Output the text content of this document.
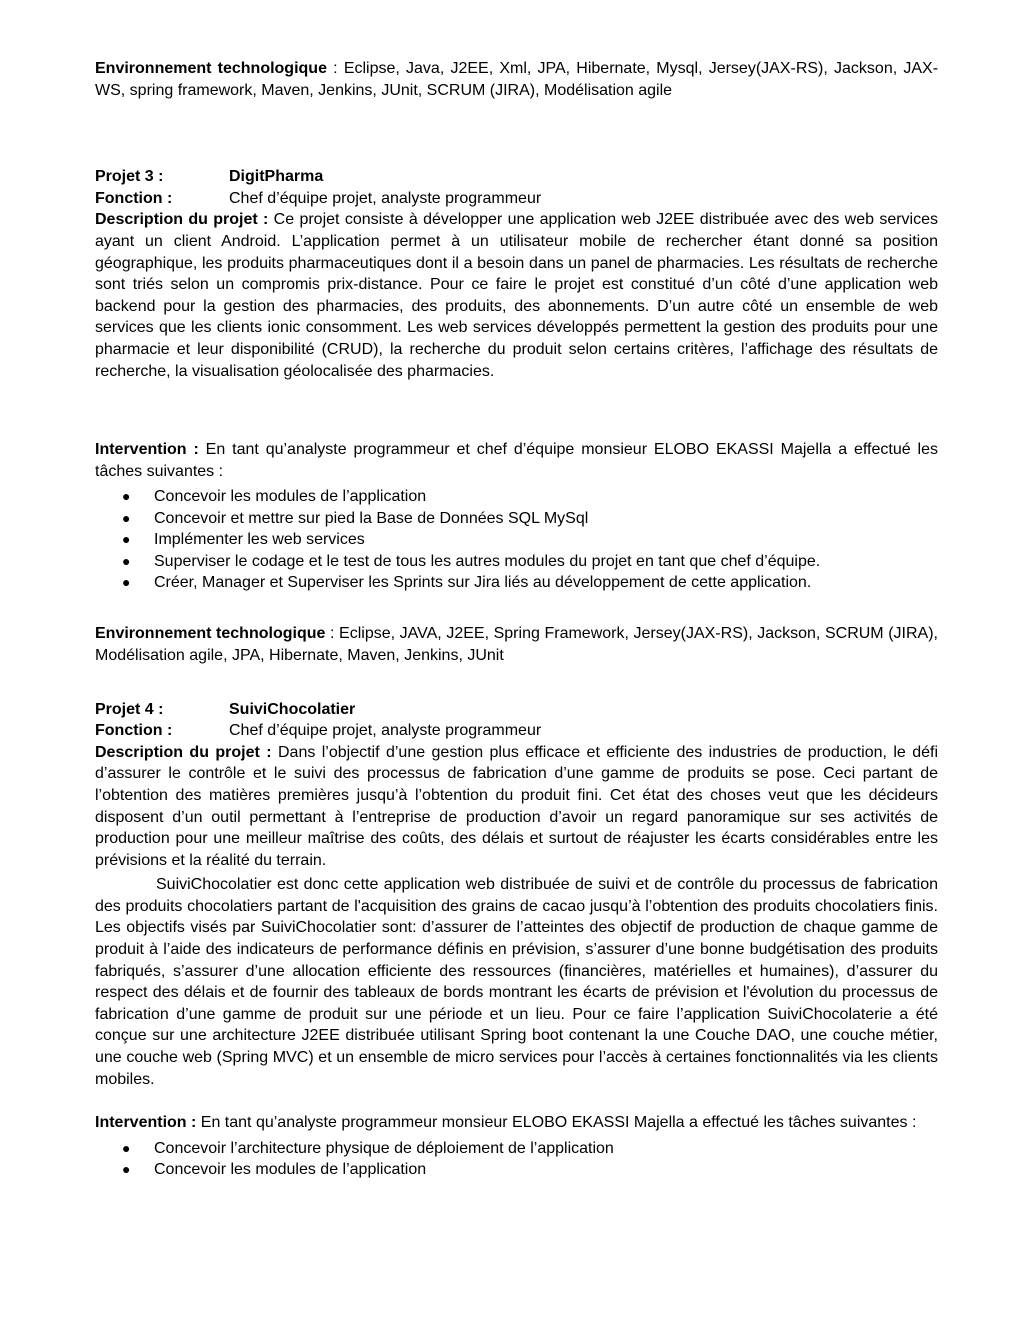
Environnement technologique : Eclipse, Java, J2EE, Xml, JPA, Hibernate, Mysql, Jersey(JAX-RS), Jackson, JAX-WS, spring framework, Maven, Jenkins, JUnit, SCRUM (JIRA), Modélisation agile

Projet 3 :	DigitPharma
Fonction :	Chef d’équipe projet, analyste programmeur

Description du projet : Ce projet consiste à développer une application web J2EE distribuée avec des web services ayant un client Android. L’application permet à un utilisateur mobile de rechercher étant donné sa position géographique, les produits pharmaceutiques dont il a besoin dans un panel de pharmacies. Les résultats de recherche sont triés selon un compromis prix-distance. Pour ce faire le projet est constitué d’un côté d’une application web backend pour la gestion des pharmacies, des produits, des abonnements. D’un autre côté un ensemble de web services que les clients ionic consomment. Les web services développés permettent la gestion des produits pour une pharmacie et leur disponibilité (CRUD), la recherche du produit selon certains critères, l’affichage des résultats de recherche, la visualisation géolocalisée des pharmacies.

Intervention : En tant qu’analyste programmeur et chef d’équipe monsieur ELOBO EKASSI Majella a effectué les tâches suivantes :

● Concevoir les modules de l’application
● Concevoir et mettre sur pied la Base de Données SQL MySql
● Implémenter les web services
● Superviser le codage et le test de tous les autres modules du projet en tant que chef d’équipe.
● Créer, Manager et Superviser les Sprints sur Jira liés au développement de cette application.

Environnement technologique : Eclipse, JAVA, J2EE, Spring Framework, Jersey(JAX-RS), Jackson, SCRUM (JIRA), Modélisation agile, JPA, Hibernate, Maven, Jenkins, JUnit

Projet 4 :	SuiviChocolatier
Fonction :	Chef d’équipe projet, analyste programmeur

Description du projet : Dans l’objectif d’une gestion plus efficace et efficiente des industries de production, le défi d’assurer le contrôle et le suivi des processus de fabrication d’une gamme de produits se pose. Ceci partant de l’obtention des matières premières jusqu’à l’obtention du produit fini. Cet état des choses veut que les décideurs disposent d’un outil permettant à l’entreprise de production d’avoir un regard panoramique sur ses activités de production pour une meilleur maîtrise des coûts, des délais et surtout de réajuster les écarts considérables entre les prévisions et la réalité du terrain.

SuiviChocolatier est donc cette application web distribuée de suivi et de contrôle du processus de fabrication des produits chocolatiers partant de l'acquisition des grains de cacao jusqu’à l’obtention des produits chocolatiers finis. Les objectifs visés par SuiviChocolatier sont: d’assurer de l’atteintes des objectif de production de chaque gamme de produit à l’aide des indicateurs de performance définis en prévision, s’assurer d’une bonne budgétisation des produits fabriqués, s’assurer d’une allocation efficiente des ressources (financières, matérielles et humaines), d’assurer du respect des délais et de fournir des tableaux de bords montrant les écarts de prévision et l'évolution du processus de fabrication d’une gamme de produit sur une période et un lieu. Pour ce faire l’application SuiviChocolaterie a été conçue sur une architecture J2EE distribuée utilisant Spring boot contenant la une Couche DAO, une couche métier, une couche web (Spring MVC) et un ensemble de micro services pour l’accès à certaines fonctionnalités via les clients mobiles.

Intervention : En tant qu’analyste programmeur monsieur ELOBO EKASSI Majella a effectué les tâches suivantes :

● Concevoir l’architecture physique de déploiement de l’application
● Concevoir les modules de l’application
